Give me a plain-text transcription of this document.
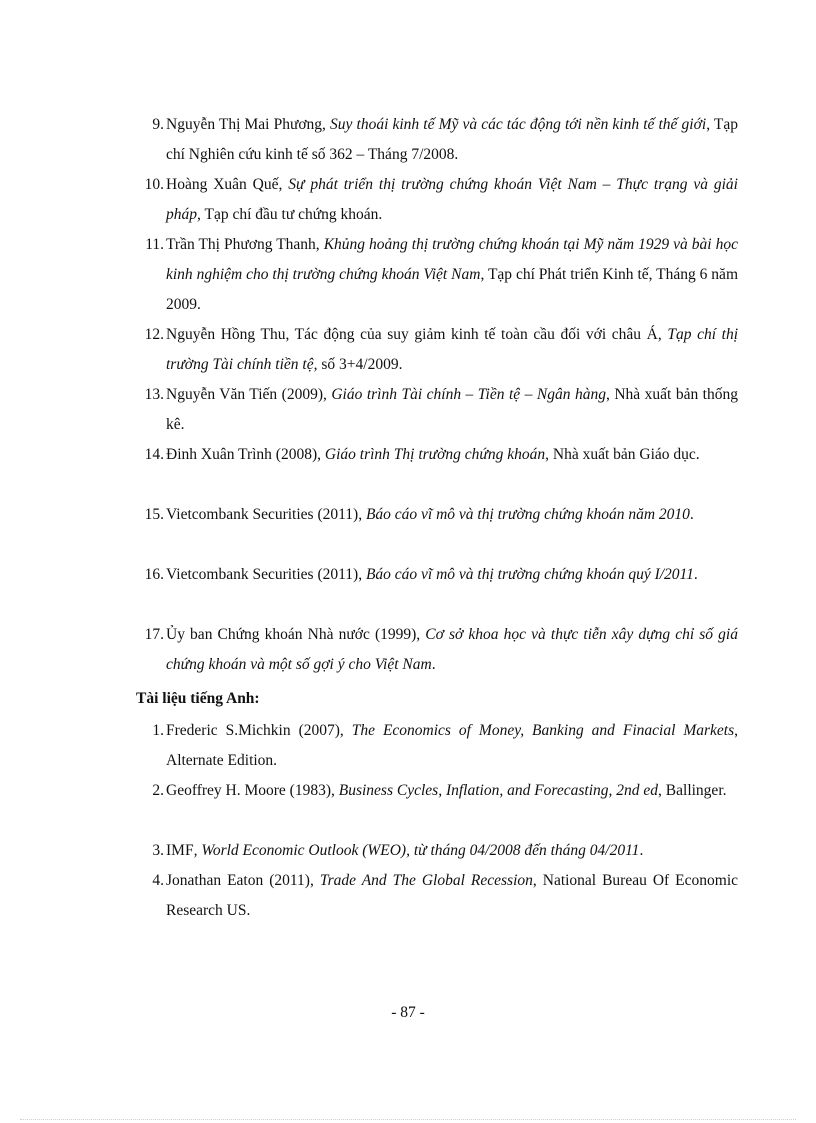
9. Nguyễn Thị Mai Phương, Suy thoái kinh tế Mỹ và các tác động tới nền kinh tế thế giới, Tạp chí Nghiên cứu kinh tế số 362 – Tháng 7/2008.
10. Hoàng Xuân Quế, Sự phát triển thị trường chứng khoán Việt Nam – Thực trạng và giải pháp, Tạp chí đầu tư chứng khoán.
11. Trần Thị Phương Thanh, Khủng hoảng thị trường chứng khoán tại Mỹ năm 1929 và bài học kinh nghiệm cho thị trường chứng khoán Việt Nam, Tạp chí Phát triển Kinh tế, Tháng 6 năm 2009.
12. Nguyễn Hồng Thu, Tác động của suy giảm kinh tế toàn cầu đối với châu Á, Tạp chí thị trường Tài chính tiền tệ, số 3+4/2009.
13. Nguyễn Văn Tiến (2009), Giáo trình Tài chính – Tiền tệ – Ngân hàng, Nhà xuất bản thống kê.
14. Đinh Xuân Trình (2008), Giáo trình Thị trường chứng khoán, Nhà xuất bản Giáo dục.
15. Vietcombank Securities (2011), Báo cáo vĩ mô và thị trường chứng khoán năm 2010.
16. Vietcombank Securities (2011), Báo cáo vĩ mô và thị trường chứng khoán quý I/2011.
17. Ủy ban Chứng khoán Nhà nước (1999), Cơ sở khoa học và thực tiễn xây dựng chỉ số giá chứng khoán và một số gợi ý cho Việt Nam.
Tài liệu tiếng Anh:
1. Frederic S.Michkin (2007), The Economics of Money, Banking and Finacial Markets, Alternate Edition.
2. Geoffrey H. Moore (1983), Business Cycles, Inflation, and Forecasting, 2nd ed, Ballinger.
3. IMF, World Economic Outlook (WEO), từ tháng 04/2008 đến tháng 04/2011.
4. Jonathan Eaton (2011), Trade And The Global Recession, National Bureau Of Economic Research US.
- 87 -
